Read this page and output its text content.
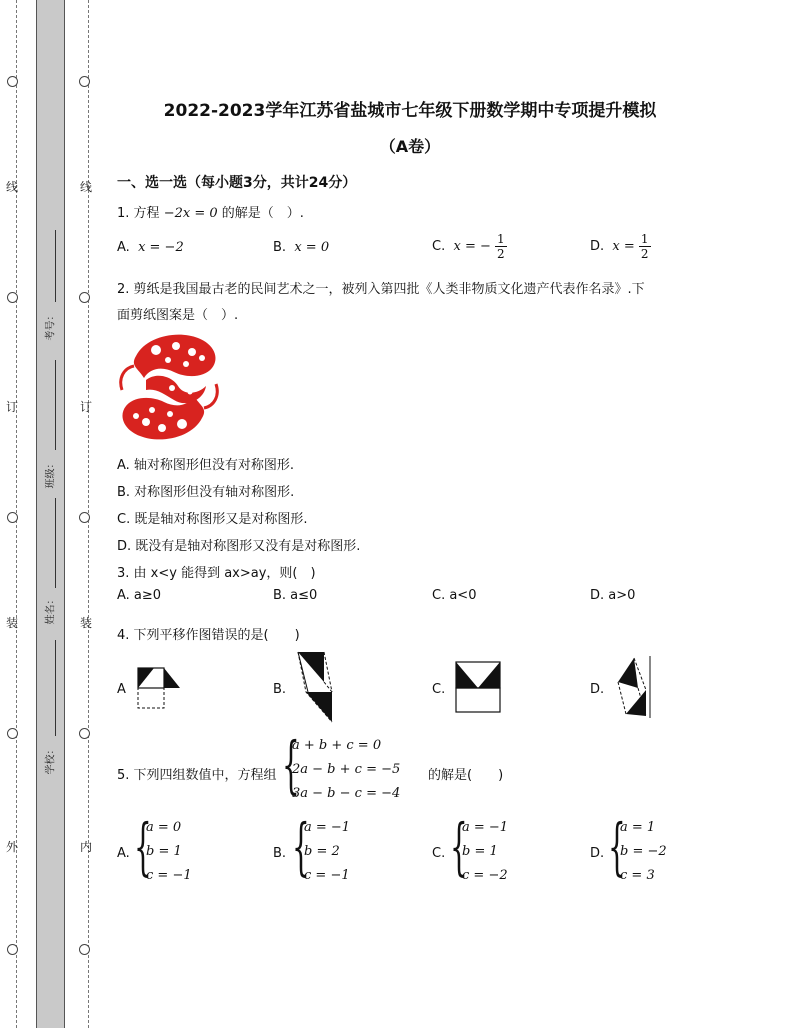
线
订
装
外
线
订
装
内
考号：
班级：
姓名：
学校：
2022-2023学年江苏省盐城市七年级下册数学期中专项提升模拟
（A卷）
一、选一选（每小题3分，共计24分）
1. 方程 −2x = 0 的解是（　）.
A. x = −2	B. x = 0	C. x = − $\frac{1}{2}$	D. $x = \frac{1}{2}$
2. 剪纸是我国最古老的民间艺术之一，被列入第四批《人类非物质文化遗产代表作名录》.下
面剪纸图案是（　）.
A. 轴对称图形但没有对称图形.
B. 对称图形但没有轴对称图形.
C. 既是轴对称图形又是对称图形.
D. 既没有是轴对称图形又没有是对称图形.
3. 由 x<y 能得到 ax>ay，则(　)
A. a≥0	B. a≤0	C. a<0	D. a>0
4. 下列平移作图错误的是(　　)
A	B.	C.	D.
5. 下列四组数值中，方程组 {
a + b + c = 0
2a − b + c = −5
3a − b − c = −4
的解是(　　)
A. {
a = 0
b = 1
c = −1
B. {
a = −1
b = 2
c = −1
C. {
a = −1
b = 1
c = −2
D. {
a = 1
b = −2
c = 3
